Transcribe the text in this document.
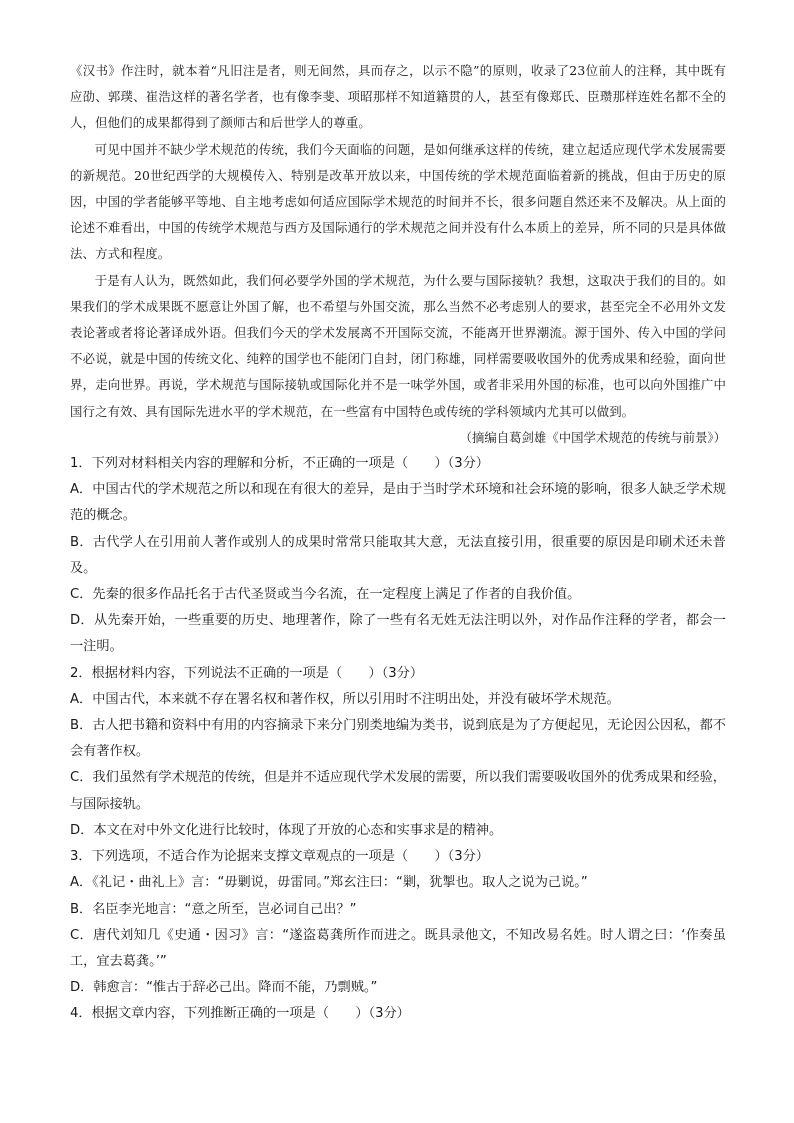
《汉书》作注时，就本着“凡旧注是者，则无间然，具而存之，以示不隐”的原则，收录了23位前人的注释，其中既有应劭、郭璞、崔浩这样的著名学者，也有像李斐、项昭那样不知道籍贯的人，甚至有像郑氏、臣瓒那样连姓名都不全的人，但他们的成果都得到了颜师古和后世学人的尊重。

可见中国并不缺少学术规范的传统，我们今天面临的问题，是如何继承这样的传统，建立起适应现代学术发展需要的新规范。20世纪西学的大规模传入、特别是改革开放以来，中国传统的学术规范面临着新的挑战，但由于历史的原因，中国的学者能够平等地、自主地考虑如何适应国际学术规范的时间并不长，很多问题自然还来不及解决。从上面的论述不难看出，中国的传统学术规范与西方及国际通行的学术规范之间并没有什么本质上的差异，所不同的只是具体做法、方式和程度。

于是有人认为，既然如此，我们何必要学外国的学术规范，为什么要与国际接轨？我想，这取决于我们的目的。如果我们的学术成果既不愿意让外国了解，也不希望与外国交流，那么当然不必考虑别人的要求，甚至完全不必用外文发表论著或者将论著译成外语。但我们今天的学术发展离不开国际交流，不能离开世界潮流。源于国外、传入中国的学问不必说，就是中国的传统文化、纯粹的国学也不能闭门自封，闭门称雄，同样需要吸收国外的优秀成果和经验，面向世界，走向世界。再说，学术规范与国际接轨或国际化并不是一味学外国，或者非采用外国的标准，也可以向外国推广中国行之有效、具有国际先进水平的学术规范，在一些富有中国特色或传统的学科领域内尤其可以做到。

（摘编自葛剑雄《中国学术规范的传统与前景》）

1．下列对材料相关内容的理解和分析，不正确的一项是（　　）（3分）

A．中国古代的学术规范之所以和现在有很大的差异，是由于当时学术环境和社会环境的影响，很多人缺乏学术规范的概念。

B．古代学人在引用前人著作或别人的成果时常常只能取其大意，无法直接引用，很重要的原因是印刷术还未普及。

C．先秦的很多作品托名于古代圣贤或当今名流，在一定程度上满足了作者的自我价值。

D．从先秦开始，一些重要的历史、地理著作，除了一些有名无姓无法注明以外，对作品作注释的学者，都会一一注明。

2．根据材料内容，下列说法不正确的一项是（　　）（3分）

A．中国古代，本来就不存在署名权和著作权，所以引用时不注明出处，并没有破坏学术规范。

B．古人把书籍和资料中有用的内容摘录下来分门别类地编为类书，说到底是为了方便起见，无论因公因私，都不会有著作权。

C．我们虽然有学术规范的传统，但是并不适应现代学术发展的需要，所以我们需要吸收国外的优秀成果和经验，与国际接轨。

D．本文在对中外文化进行比较时，体现了开放的心态和实事求是的精神。

3．下列选项，不适合作为论据来支撑文章观点的一项是（　　）（3分）

A．《礼记・曲礼上》言：“毋剿说，毋雷同。”郑玄注曰：“剿，犹掣也。取人之说为己说。”

B．名臣李光地言：“意之所至，岂必词自己出？”

C．唐代刘知几《史通・因习》言：“遂盗葛龚所作而进之。既具录他文，不知改易名姓。时人谓之曰：‘作奏虽工，宜去葛龚。’”

D．韩愈言：“惟古于辞必己出。降而不能，乃剽贼。”

4．根据文章内容，下列推断正确的一项是（　　）（3分）
